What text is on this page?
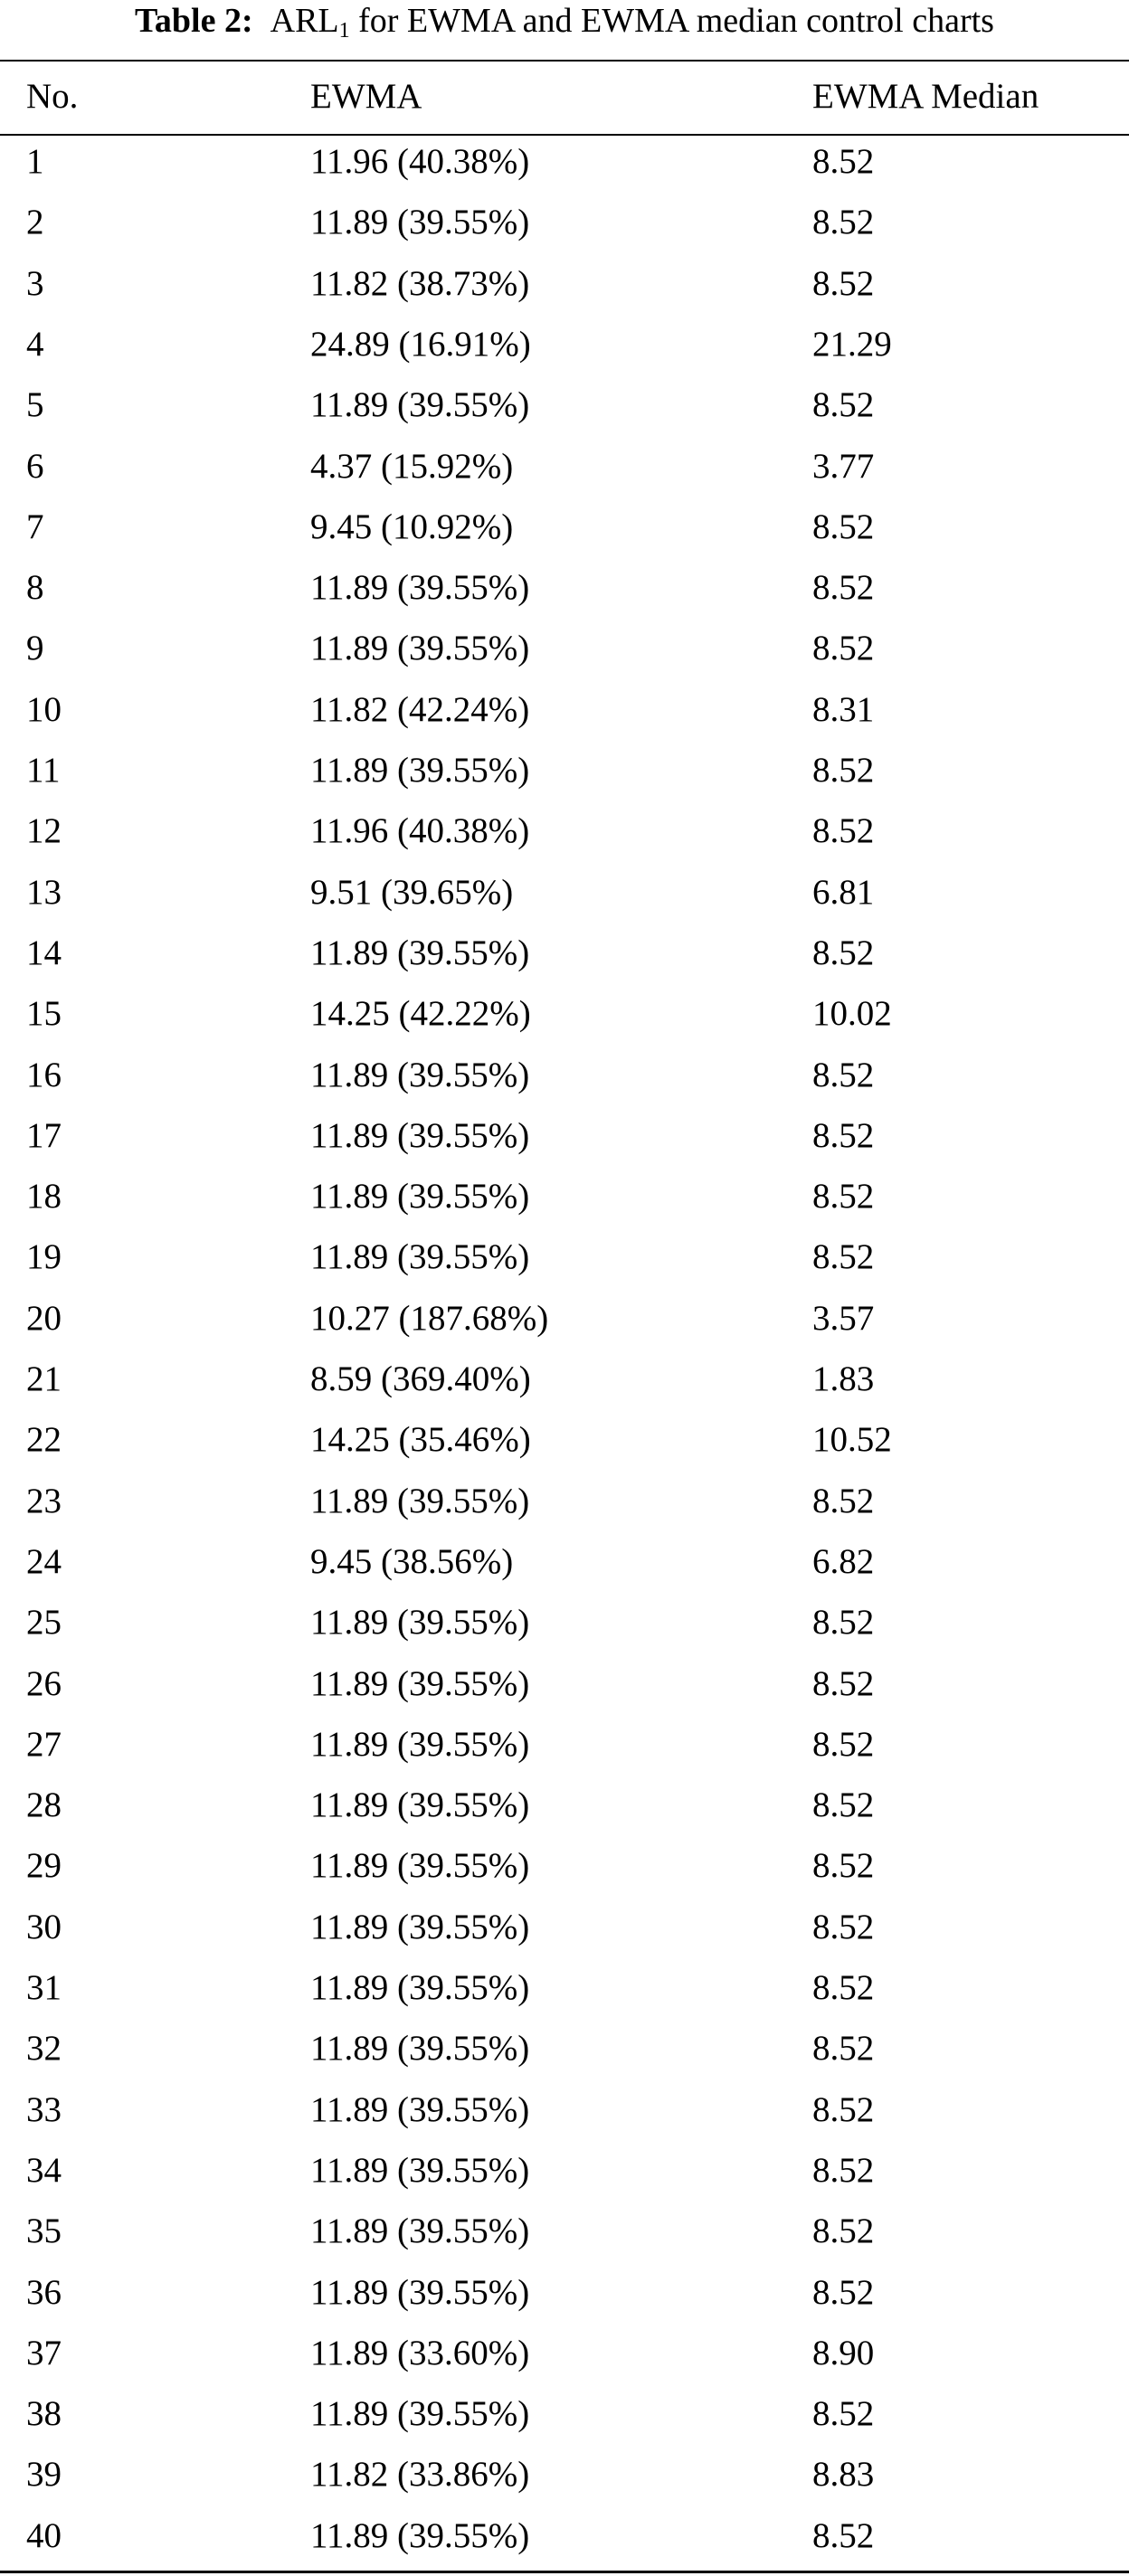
Table 2: $ARL_1$ for EWMA and EWMA median control charts
No.	EWMA	EWMA Median
1	11.96 (40.38%)	8.52
2	11.89 (39.55%)	8.52
3	11.82 (38.73%)	8.52
4	24.89 (16.91%)	21.29
5	11.89 (39.55%)	8.52
6	4.37 (15.92%)	3.77
7	9.45 (10.92%)	8.52
8	11.89 (39.55%)	8.52
9	11.89 (39.55%)	8.52
10	11.82 (42.24%)	8.31
11	11.89 (39.55%)	8.52
12	11.96 (40.38%)	8.52
13	9.51 (39.65%)	6.81
14	11.89 (39.55%)	8.52
15	14.25 (42.22%)	10.02
16	11.89 (39.55%)	8.52
17	11.89 (39.55%)	8.52
18	11.89 (39.55%)	8.52
19	11.89 (39.55%)	8.52
20	10.27 (187.68%)	3.57
21	8.59 (369.40%)	1.83
22	14.25 (35.46%)	10.52
23	11.89 (39.55%)	8.52
24	9.45 (38.56%)	6.82
25	11.89 (39.55%)	8.52
26	11.89 (39.55%)	8.52
27	11.89 (39.55%)	8.52
28	11.89 (39.55%)	8.52
29	11.89 (39.55%)	8.52
30	11.89 (39.55%)	8.52
31	11.89 (39.55%)	8.52
32	11.89 (39.55%)	8.52
33	11.89 (39.55%)	8.52
34	11.89 (39.55%)	8.52
35	11.89 (39.55%)	8.52
36	11.89 (39.55%)	8.52
37	11.89 (33.60%)	8.90
38	11.89 (39.55%)	8.52
39	11.82 (33.86%)	8.83
40	11.89 (39.55%)	8.52
